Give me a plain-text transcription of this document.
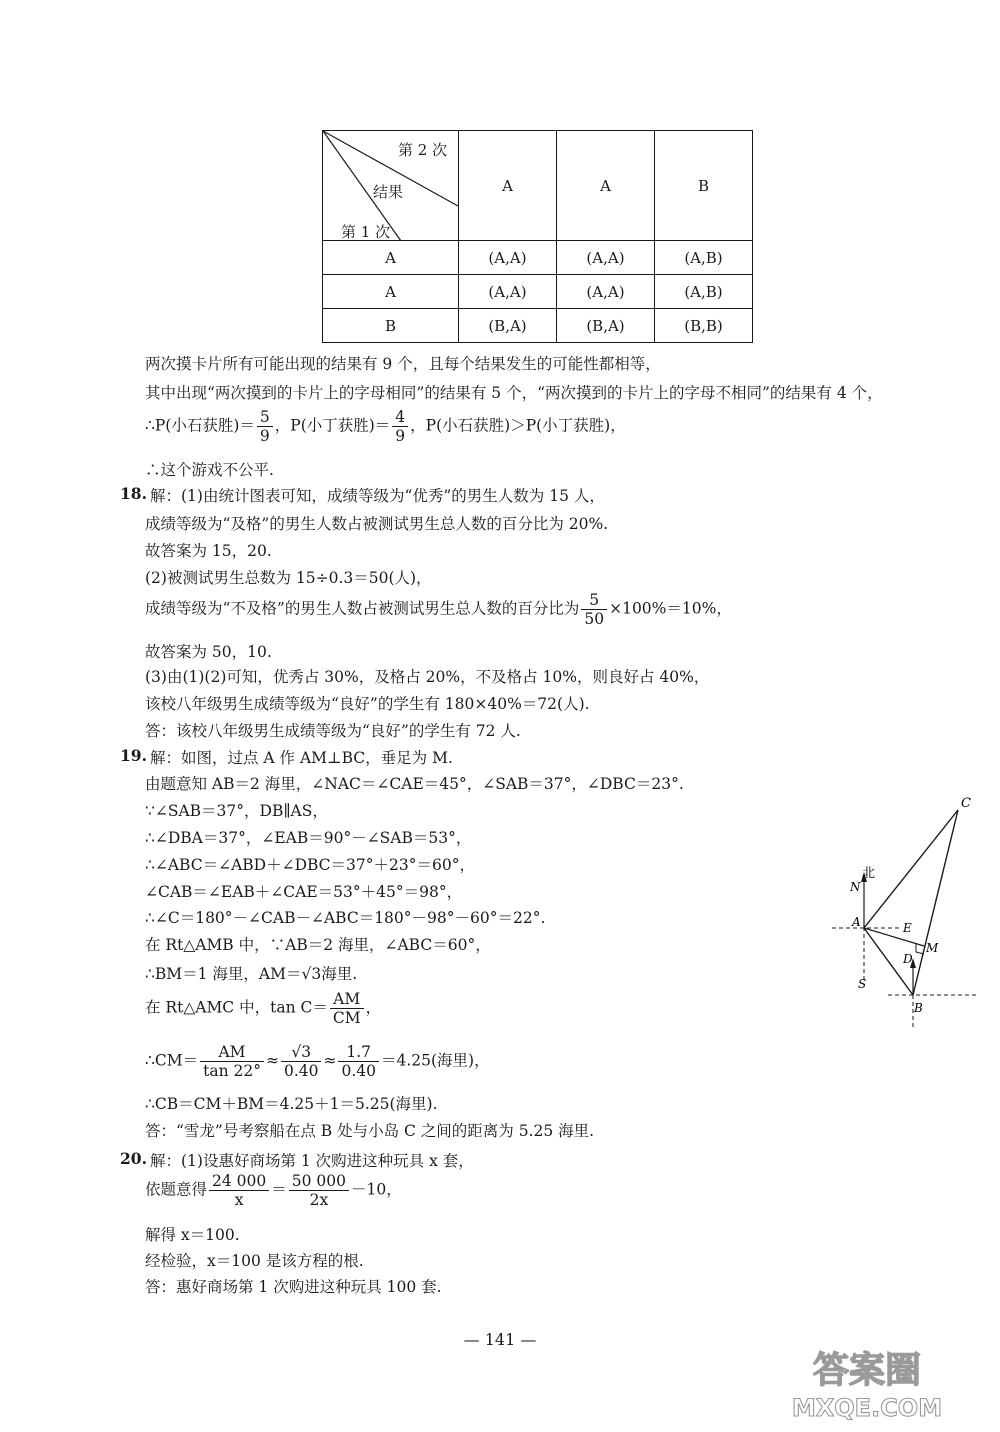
第 2 次
结果
第 1 次	A	A	B
A	(A,A)	(A,A)	(A,B)
A	(A,A)	(A,A)	(A,B)
B	(B,A)	(B,A)	(B,B)
两次摸卡片所有可能出现的结果有 9 个，且每个结果发生的可能性都相等，
其中出现“两次摸到的卡片上的字母相同”的结果有 5 个，“两次摸到的卡片上的字母不相同”的结果有 4 个，
∴P(小石获胜)＝ $\frac{5}{9}$ ，P(小丁获胜)＝ $\frac{4}{9}$ ，P(小石获胜)＞P(小丁获胜)，
∴这个游戏不公平.
18. 解：(1)由统计图表可知，成绩等级为“优秀”的男生人数为 15 人，
成绩等级为“及格”的男生人数占被测试男生总人数的百分比为 20%.
故答案为 15，20.
(2)被测试男生总数为 15÷0.3＝50(人)，
成绩等级为“不及格”的男生人数占被测试男生总人数的百分比为 $\frac{5}{50} \times 100\%=10\%$，
故答案为 50，10.
(3)由(1)(2)可知，优秀占 30%，及格占 20%，不及格占 10%，则良好占 40%，
该校八年级男生成绩等级为“良好”的学生有 180×40%＝72(人).
答：该校八年级男生成绩等级为“良好”的学生有 72 人.
19. 解：如图，过点 A 作 AM⊥BC，垂足为 M.
由题意知 AB＝2 海里，∠NAC＝∠CAE＝45°，∠SAB＝37°，∠DBC＝23°.
∵∠SAB＝37°，DB∥AS，
∴∠DBA＝37°，∠EAB＝90°－∠SAB＝53°，
∴∠ABC＝∠ABD＋∠DBC＝37°＋23°＝60°，
∠CAB＝∠EAB＋∠CAE＝53°＋45°＝98°，
∴∠C＝180°－∠CAB－∠ABC＝180°－98°－60°＝22°.
在 Rt△AMB 中，∵AB＝2 海里，∠ABC＝60°，
∴BM＝1 海里，AM＝√3海里.
在 Rt△AMC 中，$\tan C= \frac{AM}{CM}$ ，
∴CM＝ $\frac{AM}{\tan 22^\circ} \approx \frac{√3}{0.40} \approx \frac{1.7}{0.40} =4.25$(海里)，
∴CB＝CM＋BM＝4.25＋1＝5.25(海里).
答：“雪龙”号考察船在点 B 处与小岛 C 之间的距离为 5.25 海里.
C
北
N
A	E
M
D
S
B
20. 解：(1)设惠好商场第 1 次购进这种玩具 x 套，
依题意得 $\frac{24 000}{x} = \frac{50 000}{2x} -10$，
解得 x＝100.
经检验，x＝100 是该方程的根.
答：惠好商场第 1 次购进这种玩具 100 套.
— 141 —
答案圈
MXQE.COM
